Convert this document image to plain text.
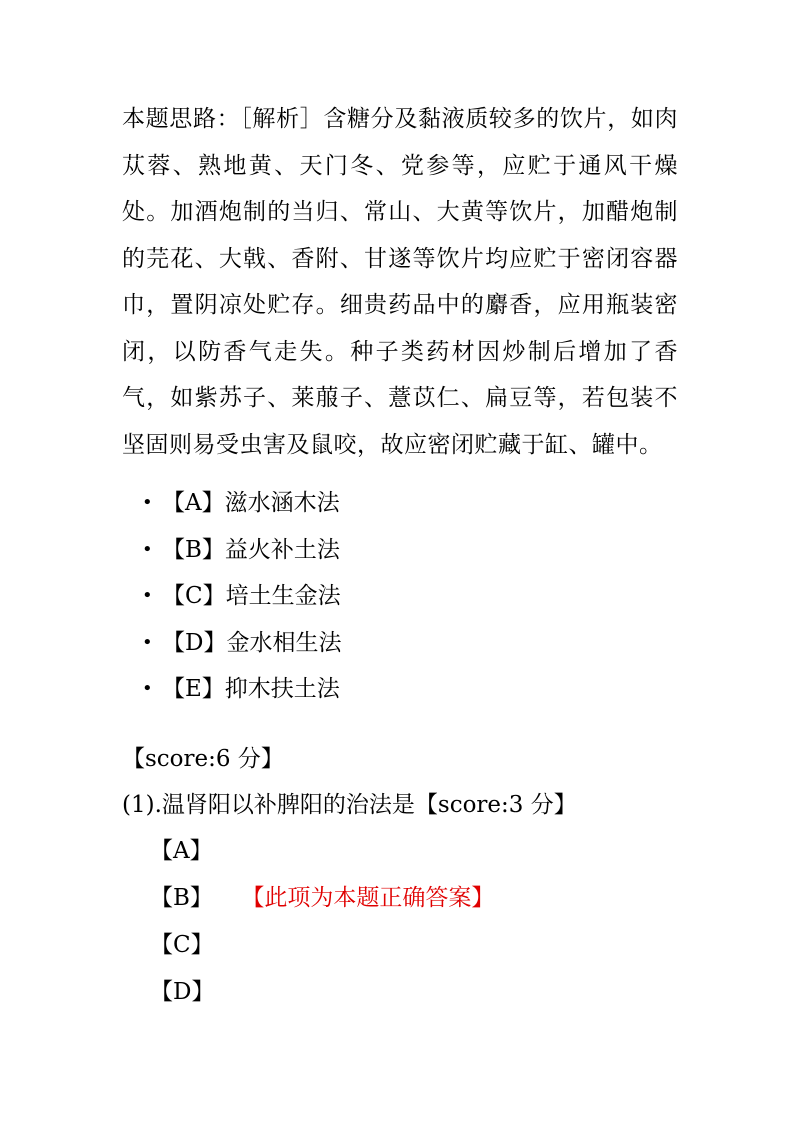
本题思路：［解析］含糖分及黏液质较多的饮片，如肉苁蓉、熟地黄、天门冬、党参等，应贮于通风干燥处。加酒炮制的当归、常山、大黄等饮片，加醋炮制的芫花、大戟、香附、甘遂等饮片均应贮于密闭容器巾，置阴凉处贮存。细贵药品中的麝香，应用瓶装密闭，以防香气走失。种子类药材因炒制后增加了香气，如紫苏子、莱菔子、薏苡仁、扁豆等，若包装不坚固则易受虫害及鼠咬，故应密闭贮藏于缸、罐中。

• 【A】滋水涵木法
• 【B】益火补土法
• 【C】培土生金法
• 【D】金水相生法
• 【E】抑木扶土法

【score:6 分】

(1).温肾阳以补脾阳的治法是【score:3 分】

【A】
【B】 【此项为本题正确答案】
【C】
【D】
